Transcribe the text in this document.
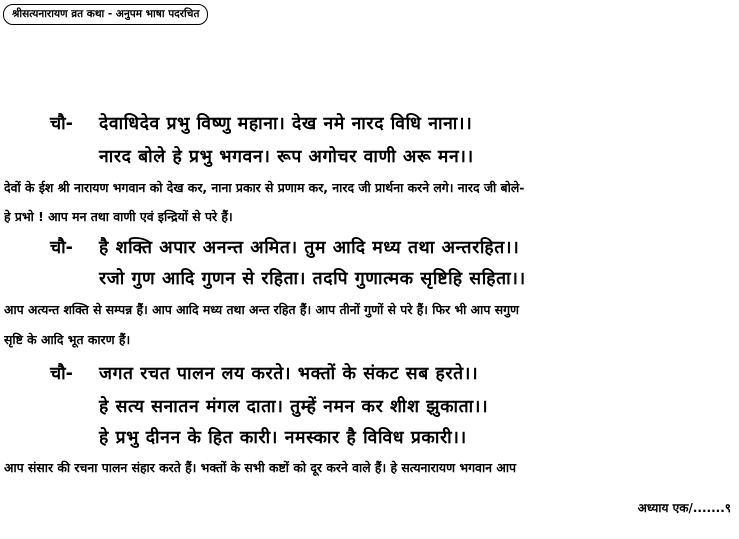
श्रीसत्यनारायण व्रत कथा - अनुपम भाषा पदरचित
चौ- देवाधिदेव प्रभु विष्णु महाना। देख नमे नारद विधि नाना।।
नारद बोले हे प्रभु भगवन। रूप अगोचर वाणी अरू मन।।
देवों के ईश श्री नारायण भगवान को देख कर, नाना प्रकार से प्रणाम कर, नारद जी प्रार्थना करने लगे। नारद जी बोले-
हे प्रभो ! आप मन तथा वाणी एवं इन्द्रियों से परे हैं।
चौ- है शक्ति अपार अनन्त अमित। तुम आदि मध्य तथा अन्तरहित।।
रजो गुण आदि गुणन से रहिता। तदपि गुणात्मक सृष्टिहि सहिता।।
आप अत्यन्त शक्ति से सम्पन्न हैं। आप आदि मध्य तथा अन्त रहित हैं। आप तीनों गुणों से परे हैं। फिर भी आप सगुण
सृष्टि के आदि भूत कारण हैं।
चौ- जगत रचत पालन लय करते। भक्तों के संकट सब हरते।।
हे सत्य सनातन मंगल दाता। तुम्हें नमन कर शीश झुकाता।।
हे प्रभु दीनन के हित कारी। नमस्कार है विविध प्रकारी।।
आप संसार की रचना पालन संहार करते हैं। भक्तों के सभी कष्टों को दूर करने वाले हैं। हे सत्यनारायण भगवान आप
अध्याय एक/.......९
